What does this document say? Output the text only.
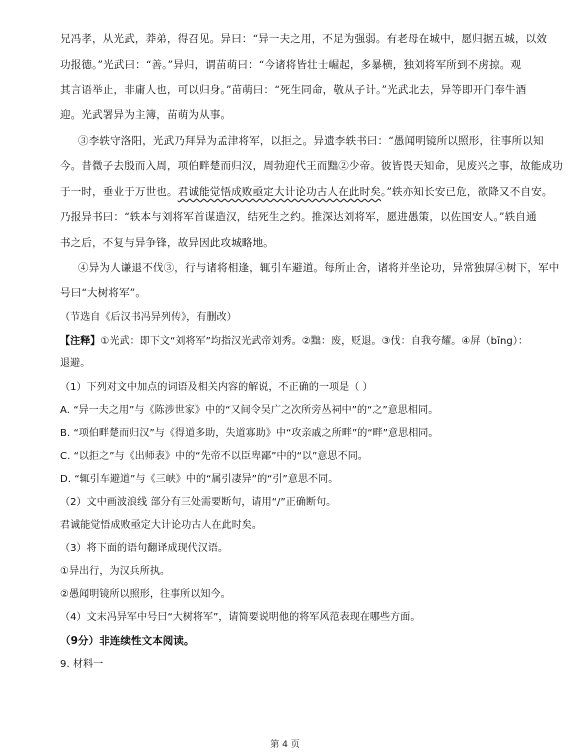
兄冯孝，从光武，莽弟，得召见。异曰：“异一夫之用，不足为强弱。有老母在城中，愿归据五城，以效
功报德。”光武曰：“善。”异归，谓苗萌曰：“今诸将皆壮士崛起，多暴横，独刘将军所到不虏掠。观
其言语举止，非庸人也，可以归身。”苗萌曰：“死生同命，敬从子计。”光武北去，异等即开门奉牛酒
迎。光武署异为主簿，苗萌为从事。
③李轶守洛阳，光武乃拜异为孟津将军，以拒之。异遗李轶书曰：“愚闻明镜所以照形，往事所以知
今。昔微子去殷而入周，项伯畔楚而归汉，周勃迎代王而黜②少帝。彼皆畏天知命，见废兴之事，故能成功
于一时，垂业于万世也。君诚能觉悟成败亟定大计论功古人在此时矣。”轶亦知长安已危，欲降又不自安。
乃报异书曰：“轶本与刘将军首谋造汉，结死生之约。推深达刘将军，愿进愚策，以佐国安人。”轶自通
书之后，不复与异争锋，故异因此攻城略地。
④异为人谦退不伐③，行与诸将相逢，辄引车避道。每所止舍，诸将并坐论功，异常独屏④树下，军中
号曰“大树将军”。
（节选自《后汉书冯异列传》，有删改）
【注释】①光武：即下文“刘将军”均指汉光武帝刘秀。②黜：废，贬退。③伐：自我夸耀。④屏（bīng）：
退避。
（1）下列对文中加点的词语及相关内容的解说，不正确的一项是（ ）
A. “异一夫之用”与《陈涉世家》中的“又间令吴广之次所旁丛祠中”的“之”意思相同。
B. “项伯畔楚而归汉”与《得道多助，失道寡助》中“攻亲戚之所畔”的“畔”意思相同。
C. “以拒之”与《出师表》中的“先帝不以臣卑鄙”中的“以”意思不同。
D. “辄引车避道”与《三峡》中的“属引凄异”的“引”意思不同。
（2）文中画波浪线 部分有三处需要断句，请用“/”正确断句。
君诚能觉悟成败亟定大计论功古人在此时矣。
（3）将下面的语句翻译成现代汉语。
①异出行，为汉兵所执。
②愚闻明镜所以照形，往事所以知今。
（4）文末冯异军中号曰“大树将军”，请简要说明他的将军风范表现在哪些方面。
（9分）非连续性文本阅读。
9. 材料一
第 4 页
